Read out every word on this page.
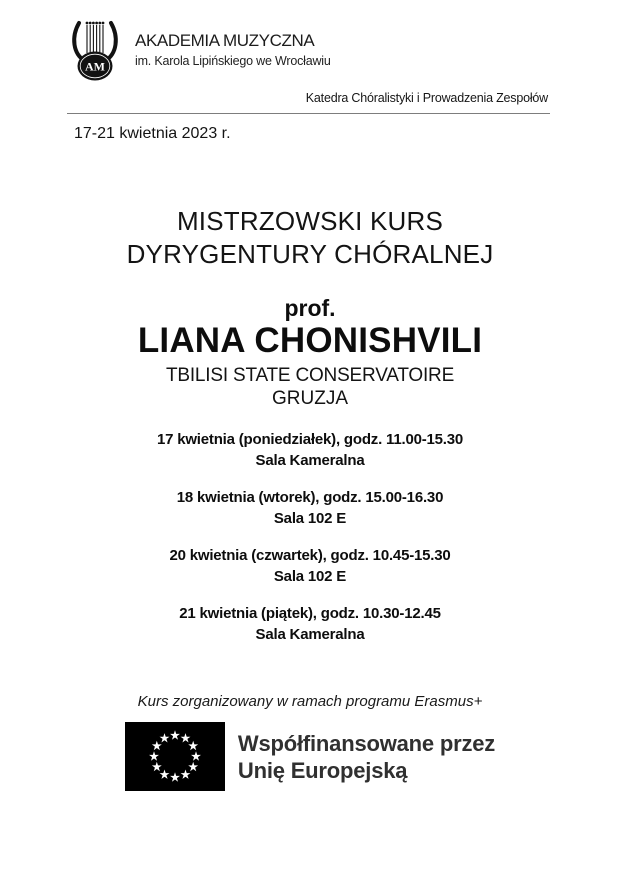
AM
AKADEMIA MUZYCZNA
im. Karola Lipińskiego we Wrocławiu
Katedra Chóralistyki i Prowadzenia Zespołów
17-21 kwietnia 2023 r.
MISTRZOWSKI KURS
DYRYGENTURY CHÓRALNEJ
prof.
LIANA CHONISHVILI
TBILISI STATE CONSERVATOIRE
GRUZJA
17 kwietnia (poniedziałek), godz. 11.00-15.30
Sala Kameralna
18 kwietnia (wtorek), godz. 15.00-16.30
Sala 102 E
20 kwietnia (czwartek), godz. 10.45-15.30
Sala 102 E
21 kwietnia (piątek), godz. 10.30-12.45
Sala Kameralna
Kurs zorganizowany w ramach programu Erasmus+
Współfinansowane przez
Unię Europejską
